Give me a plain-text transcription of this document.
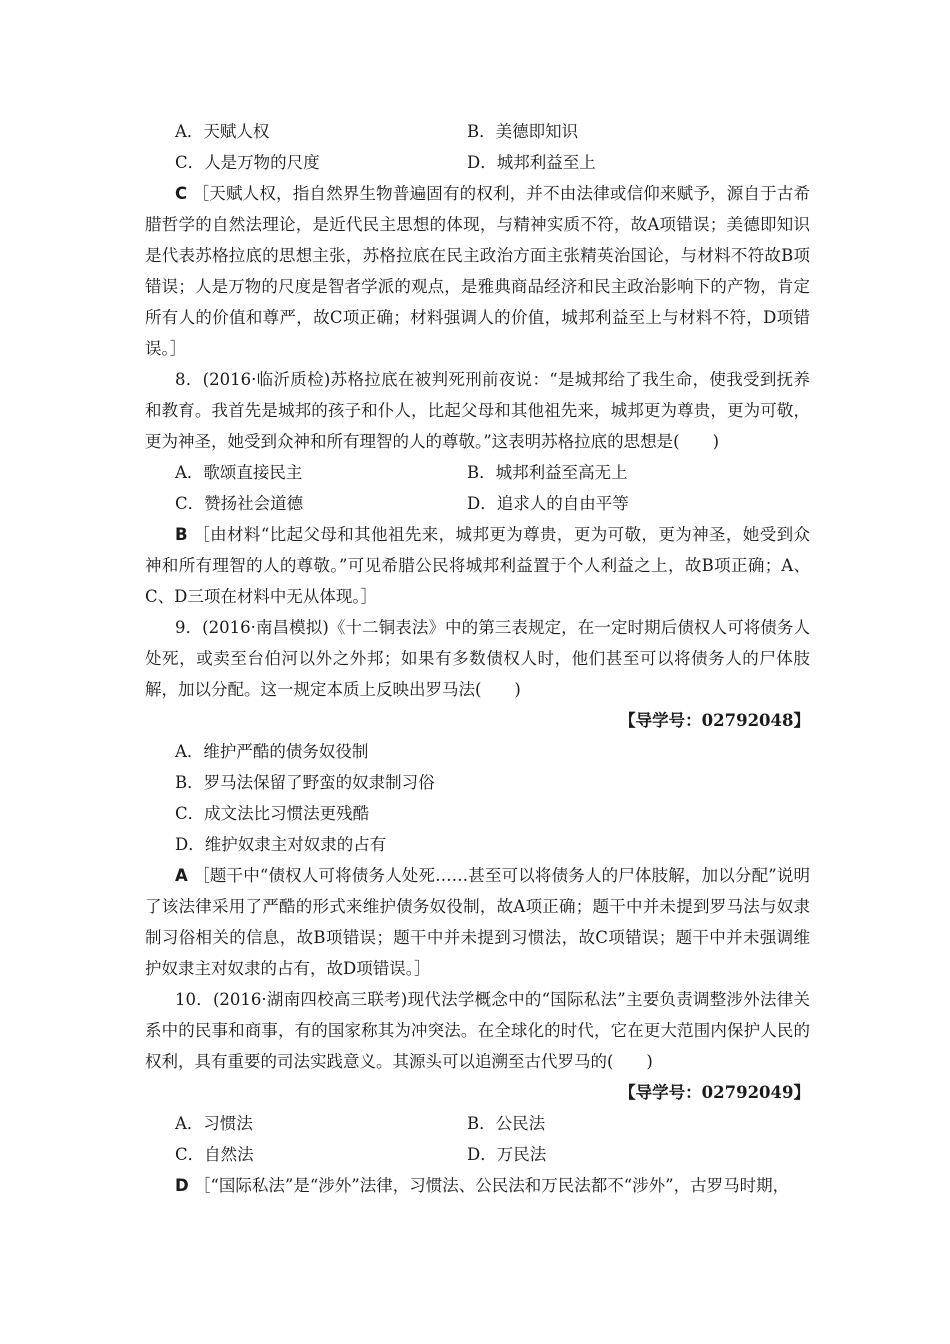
A．天赋人权	B．美德即知识
C．人是万物的尺度	D．城邦利益至上
C ［天赋人权，指自然界生物普遍固有的权利，并不由法律或信仰来赋予，源自于古希腊哲学的自然法理论，是近代民主思想的体现，与精神实质不符，故A项错误；美德即知识是代表苏格拉底的思想主张，苏格拉底在民主政治方面主张精英治国论，与材料不符故B项错误；人是万物的尺度是智者学派的观点，是雅典商品经济和民主政治影响下的产物，肯定所有人的价值和尊严，故C项正确；材料强调人的价值，城邦利益至上与材料不符，D项错误。］
8．(2016·临沂质检)苏格拉底在被判死刑前夜说：“是城邦给了我生命，使我受到抚养和教育。我首先是城邦的孩子和仆人，比起父母和其他祖先来，城邦更为尊贵，更为可敬，更为神圣，她受到众神和所有理智的人的尊敬。”这表明苏格拉底的思想是(　　)
A．歌颂直接民主	B．城邦利益至高无上
C．赞扬社会道德	D．追求人的自由平等
B ［由材料“比起父母和其他祖先来，城邦更为尊贵，更为可敬，更为神圣，她受到众神和所有理智的人的尊敬。”可见希腊公民将城邦利益置于个人利益之上，故B项正确；A、C、D三项在材料中无从体现。］
9．(2016·南昌模拟)《十二铜表法》中的第三表规定，在一定时期后债权人可将债务人处死，或卖至台伯河以外之外邦；如果有多数债权人时，他们甚至可以将债务人的尸体肢解，加以分配。这一规定本质上反映出罗马法(　　)
【导学号：02792048】
A．维护严酷的债务奴役制
B．罗马法保留了野蛮的奴隶制习俗
C．成文法比习惯法更残酷
D．维护奴隶主对奴隶的占有
A ［题干中“债权人可将债务人处死……甚至可以将债务人的尸体肢解，加以分配”说明了该法律采用了严酷的形式来维护债务奴役制，故A项正确；题干中并未提到罗马法与奴隶制习俗相关的信息，故B项错误；题干中并未提到习惯法，故C项错误；题干中并未强调维护奴隶主对奴隶的占有，故D项错误。］
10．(2016·湖南四校高三联考)现代法学概念中的“国际私法”主要负责调整涉外法律关系中的民事和商事，有的国家称其为冲突法。在全球化的时代，它在更大范围内保护人民的权利，具有重要的司法实践意义。其源头可以追溯至古代罗马的(　　)
【导学号：02792049】
A．习惯法	B．公民法
C．自然法	D．万民法
D ［“国际私法”是“涉外”法律，习惯法、公民法和万民法都不“涉外”，古罗马时期，
